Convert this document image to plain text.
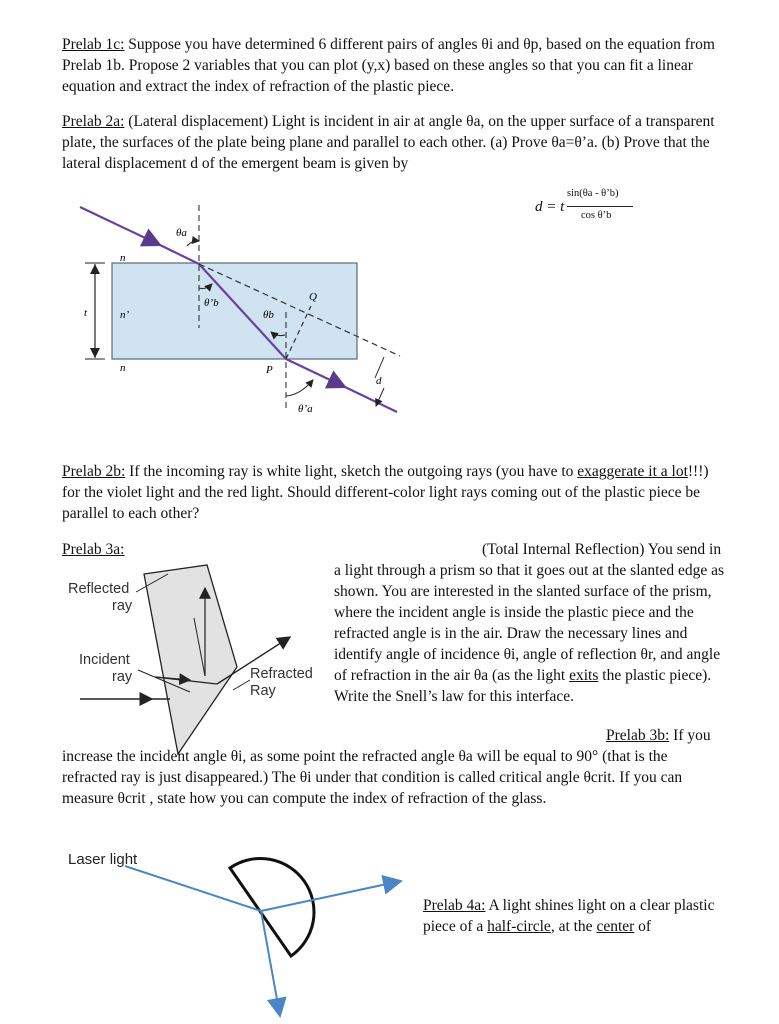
Prelab 1c: Suppose you have determined 6 different pairs of angles θi and θp, based on the equation from Prelab 1b. Propose 2 variables that you can plot (y,x) based on these angles so that you can fit a linear equation and extract the index of refraction of the plastic piece.

Prelab 2a: (Lateral displacement) Light is incident in air at angle θa, on the upper surface of a transparent plate, the surfaces of the plate being plane and parallel to each other. (a) Prove θa=θ’a. (b) Prove that the lateral displacement d of the emergent beam is given by

d = t
sin(θa - θ’b)
cos θ’b
n
n’
n
t
θa
θ’b
θb
Q
P
d
θ’a

Prelab 2b: If the incoming ray is white light, sketch the outgoing rays (you have to exaggerate it a lot!!!) for the violet light and the red light. Should different-color light rays coming out of the plastic piece be parallel to each other?

Prelab 3a:	(Total Internal Reflection) You send in a light through a prism so that it goes out at the slanted edge as shown. You are interested in the slanted surface of the prism, where the incident angle is inside the plastic piece and the refracted angle is in the air. Draw the necessary lines and identify angle of incidence θi, angle of reflection θr, and angle of refraction in the air θa (as the light exits the plastic piece). Write the Snell’s law for this interface.
Reflected
ray
Incident
ray	Refracted
Ray
Prelab 3b: If you increase the incident angle θi, as some point the refracted angle θa will be equal to 90° (that is the refracted ray is just disappeared.) The θi under that condition is called critical angle θcrit. If you can measure θcrit , state how you can compute the index of refraction of the glass.
Laser light

Prelab 4a: A light shines light on a clear plastic piece of a half-circle, at the center of
